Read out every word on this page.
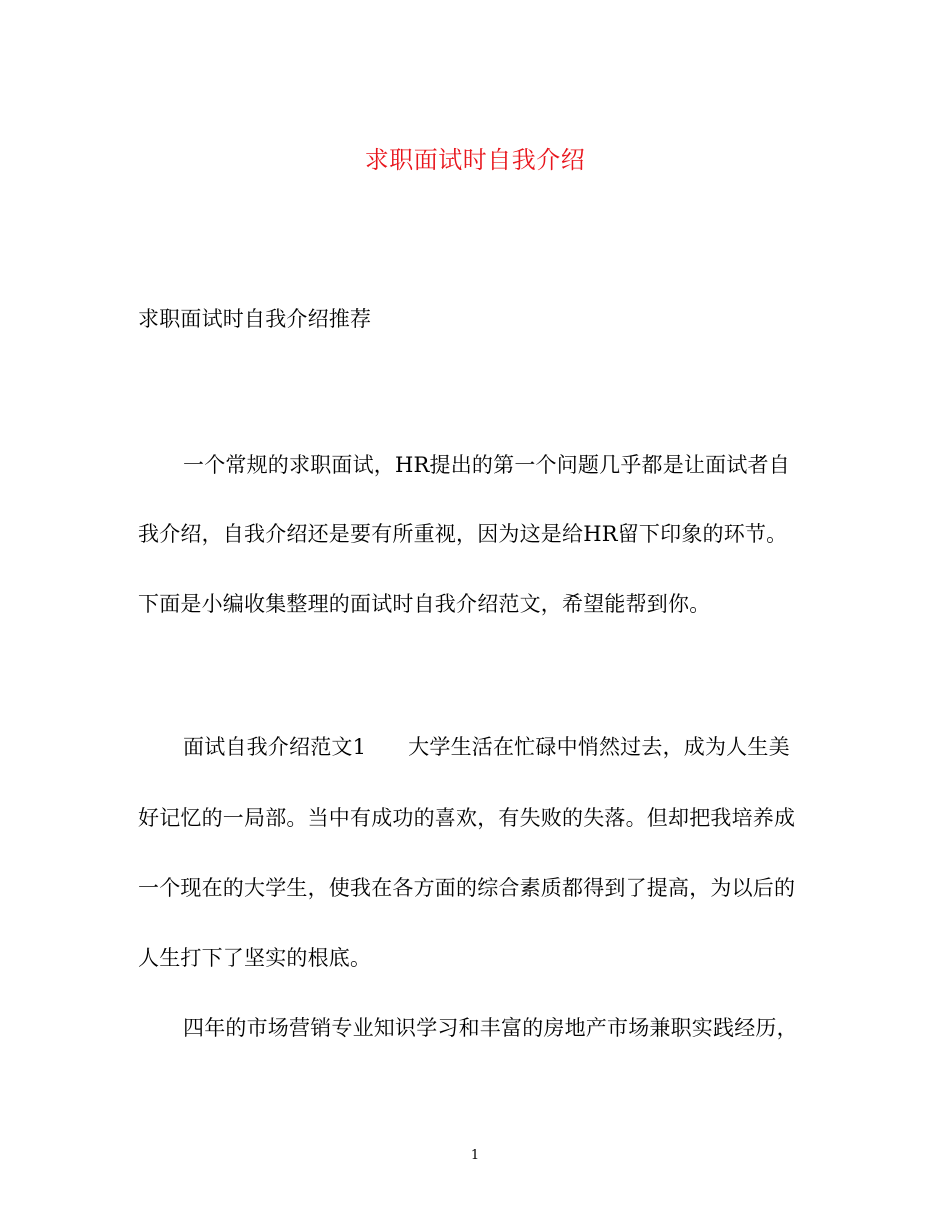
求职面试时自我介绍
求职面试时自我介绍推荐
一个常规的求职面试，HR提出的第一个问题几乎都是让面试者自
我介绍，自我介绍还是要有所重视，因为这是给HR留下印象的环节。
下面是小编收集整理的面试时自我介绍范文，希望能帮到你。
面试自我介绍范文1 大学生活在忙碌中悄然过去，成为人生美
好记忆的一局部。当中有成功的喜欢，有失败的失落。但却把我培养成
一个现在的大学生，使我在各方面的综合素质都得到了提高，为以后的
人生打下了坚实的根底。
四年的市场营销专业知识学习和丰富的房地产市场兼职实践经历，
1
